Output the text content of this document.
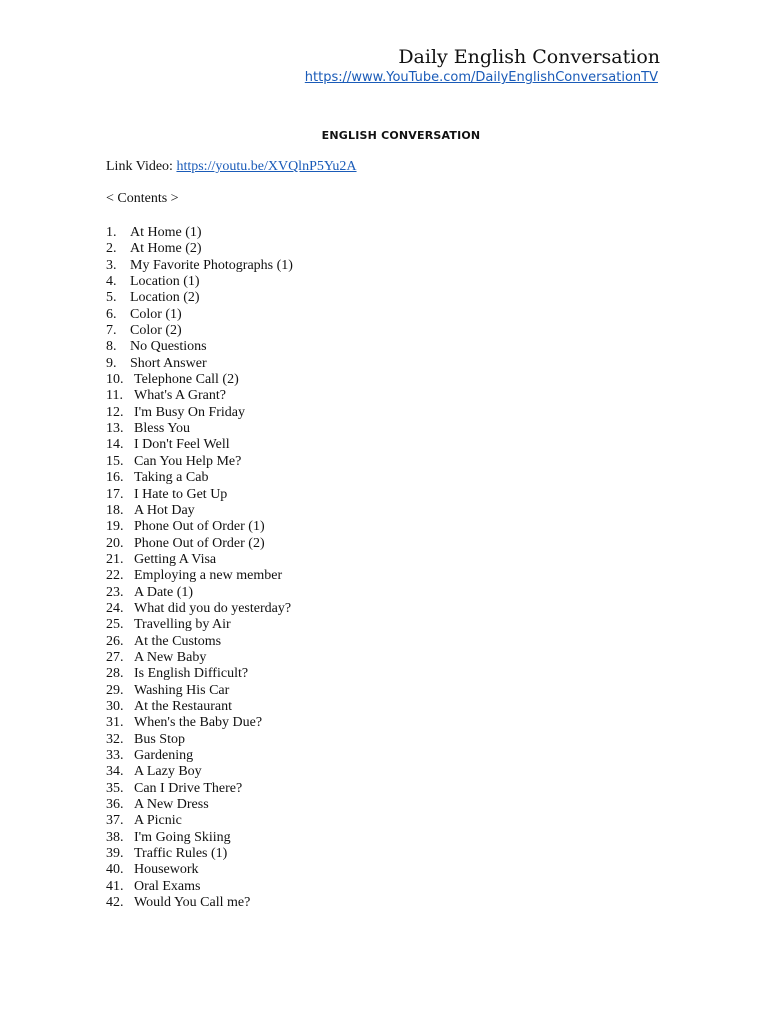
Daily English Conversation
https://www.YouTube.com/DailyEnglishConversationTV
ENGLISH CONVERSATION
Link Video: https://youtu.be/XVQlnP5Yu2A
< Contents >
1. At Home (1)
2. At Home (2)
3. My Favorite Photographs (1)
4. Location (1)
5. Location (2)
6. Color (1)
7. Color (2)
8. No Questions
9. Short Answer
10. Telephone Call (2)
11. What's A Grant?
12. I'm Busy On Friday
13. Bless You
14. I Don't Feel Well
15. Can You Help Me?
16. Taking a Cab
17. I Hate to Get Up
18. A Hot Day
19. Phone Out of Order (1)
20. Phone Out of Order (2)
21. Getting A Visa
22. Employing a new member
23. A Date (1)
24. What did you do yesterday?
25. Travelling by Air
26. At the Customs
27. A New Baby
28. Is English Difficult?
29. Washing His Car
30. At the Restaurant
31. When's the Baby Due?
32. Bus Stop
33. Gardening
34. A Lazy Boy
35. Can I Drive There?
36. A New Dress
37. A Picnic
38. I'm Going Skiing
39. Traffic Rules (1)
40. Housework
41. Oral Exams
42. Would You Call me?
